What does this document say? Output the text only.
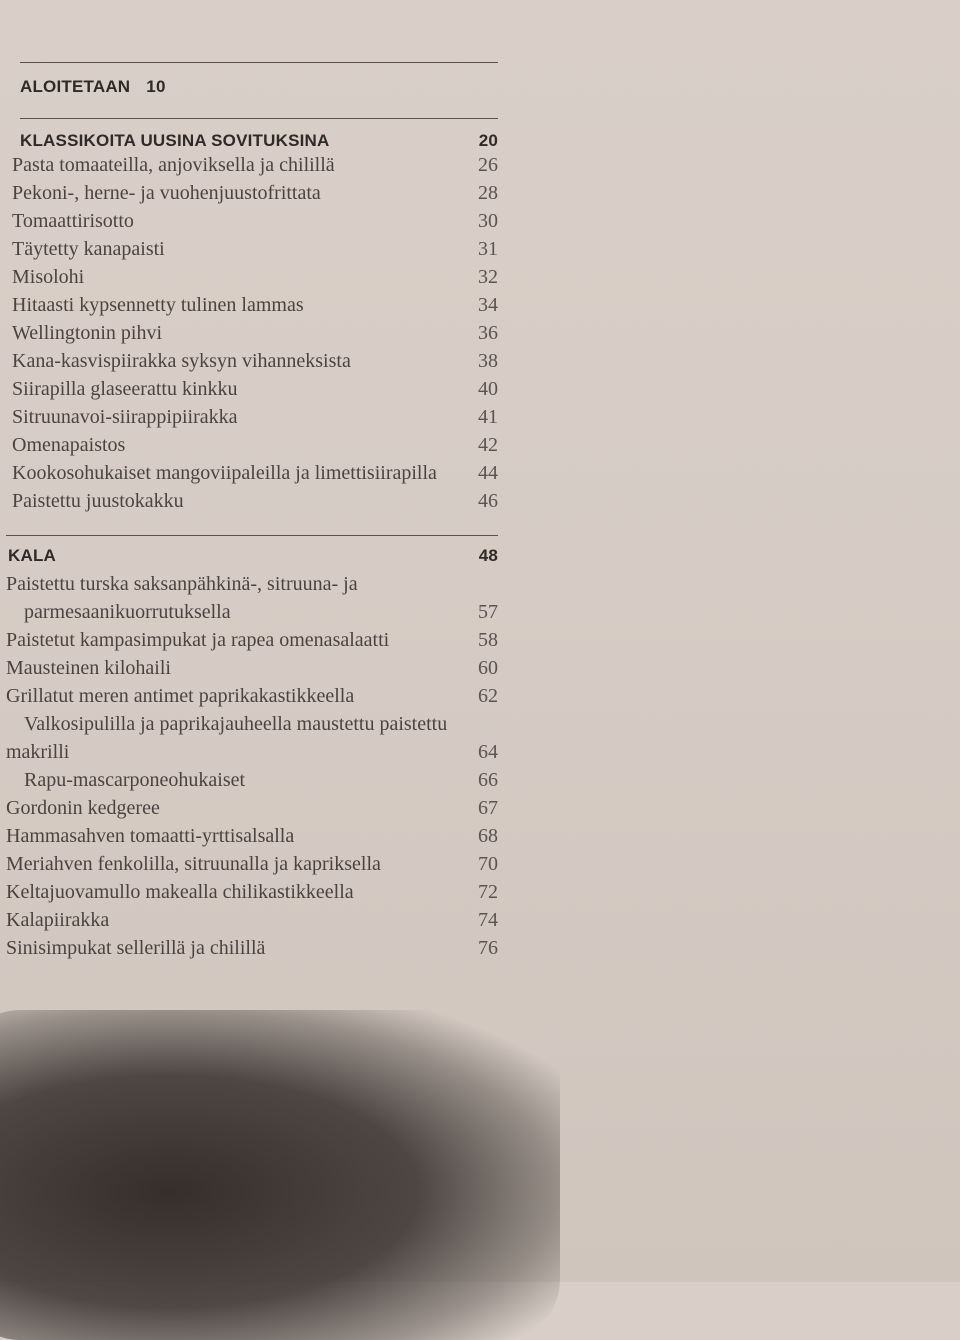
ALOITETAAN 10
KLASSIKOITA UUSINA SOVITUKSINA	20
Pasta tomaateilla, anjoviksella ja chilillä	26
Pekoni-, herne- ja vuohenjuustofrittata	28
Tomaattirisotto	30
Täytetty kanapaisti	31
Misolohi	32
Hitaasti kypsennetty tulinen lammas	34
Wellingtonin pihvi	36
Kana-kasvispiirakka syksyn vihanneksista	38
Siirapilla glaseerattu kinkku	40
Sitruunavoi-siirappipiirakka	41
Omenapaistos	42
Kookosohukaiset mangoviipaleilla ja limettisiirapilla 44
Paistettu juustokakku	46
KALA	48
Paistettu turska saksanpähkinä-, sitruuna- ja
parmesaanikuorrutuksella	57
Paistetut kampasimpukat ja rapea omenasalaatti	58
Mausteinen kilohaili	60
Grillatut meren antimet paprikakastikkeella	62
Valkosipulilla ja paprikajauheella maustettu paistettu
makrilli	64
Rapu-mascarponeohukaiset	66
Gordonin kedgeree	67
Hammasahven tomaatti-yrttisalsalla	68
Meriahven fenkolilla, sitruunalla ja kapriksella	70
Keltajuovamullo makealla chilikastikkeella	72
Kalapiirakka	74
Sinisimpukat sellerillä ja chilillä	76
